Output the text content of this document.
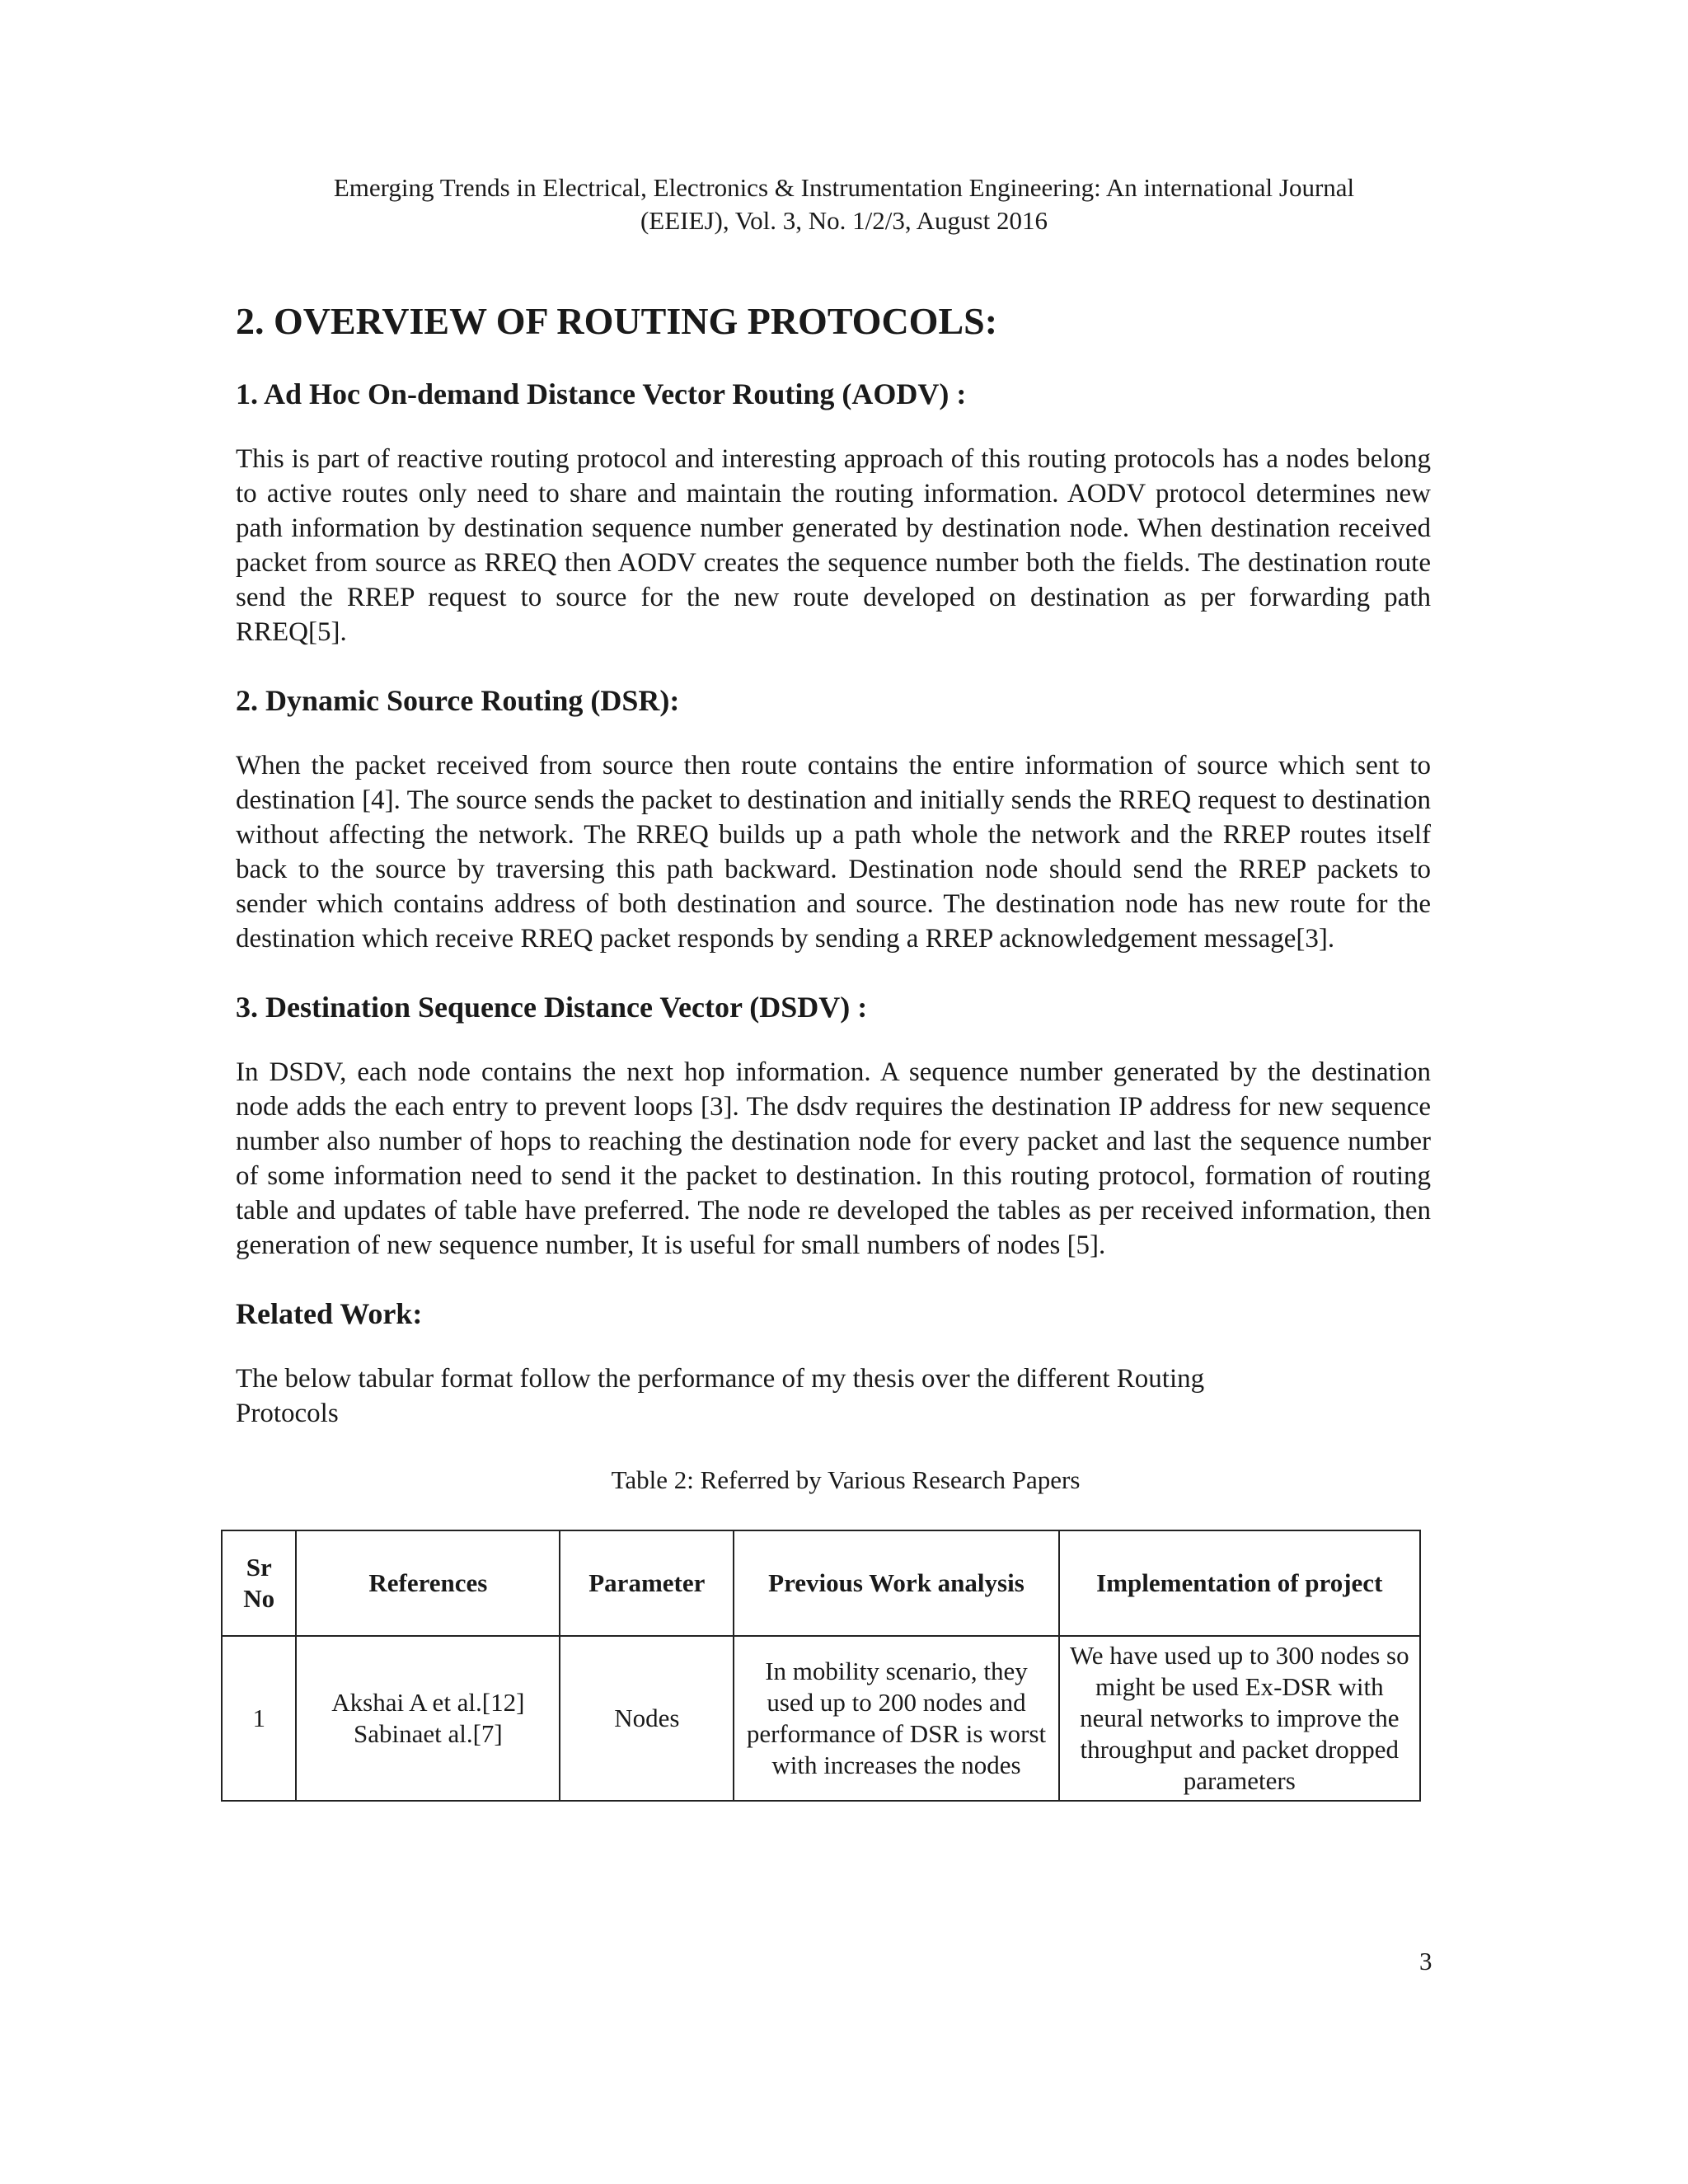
Emerging Trends in Electrical, Electronics & Instrumentation Engineering: An international Journal
(EEIEJ), Vol. 3, No. 1/2/3, August 2016
2. OVERVIEW OF ROUTING PROTOCOLS:
1. Ad Hoc On-demand Distance Vector Routing (AODV) :

This is part of reactive routing protocol and interesting approach of this routing protocols has a nodes belong to active routes only need to share and maintain the routing information. AODV protocol determines new path information by destination sequence number generated by destination node. When destination received packet from source as RREQ then AODV creates the sequence number both the fields. The destination route send the RREP request to source for the new route developed on destination as per forwarding path RREQ[5].

2. Dynamic Source Routing (DSR):

When the packet received from source then route contains the entire information of source which sent to destination [4]. The source sends the packet to destination and initially sends the RREQ request to destination without affecting the network. The RREQ builds up a path whole the network and the RREP routes itself back to the source by traversing this path backward. Destination node should send the RREP packets to sender which contains address of both destination and source. The destination node has new route for the destination which receive RREQ packet responds by sending a RREP acknowledgement message[3].

3. Destination Sequence Distance Vector (DSDV) :

In DSDV, each node contains the next hop information. A sequence number generated by the destination node adds the each entry to prevent loops [3]. The dsdv requires the destination IP address for new sequence number also number of hops to reaching the destination node for every packet and last the sequence number of some information need to send it the packet to destination. In this routing protocol, formation of routing table and updates of table have preferred. The node re developed the tables as per received information, then generation of new sequence number, It is useful for small numbers of nodes [5].

Related Work:

The below tabular format follow the performance of my thesis over the different Routing
Protocols

Table 2: Referred by Various Research Papers
Sr
No	References	Parameter	Previous Work analysis	Implementation of project
1	Akshai A et al.[12]
Sabinaet al.[7]	Nodes	In mobility scenario, they used up to 200 nodes and performance of DSR is worst with increases the nodes	We have used up to 300 nodes so might be used Ex-DSR with neural networks to improve the throughput and packet dropped parameters
3
